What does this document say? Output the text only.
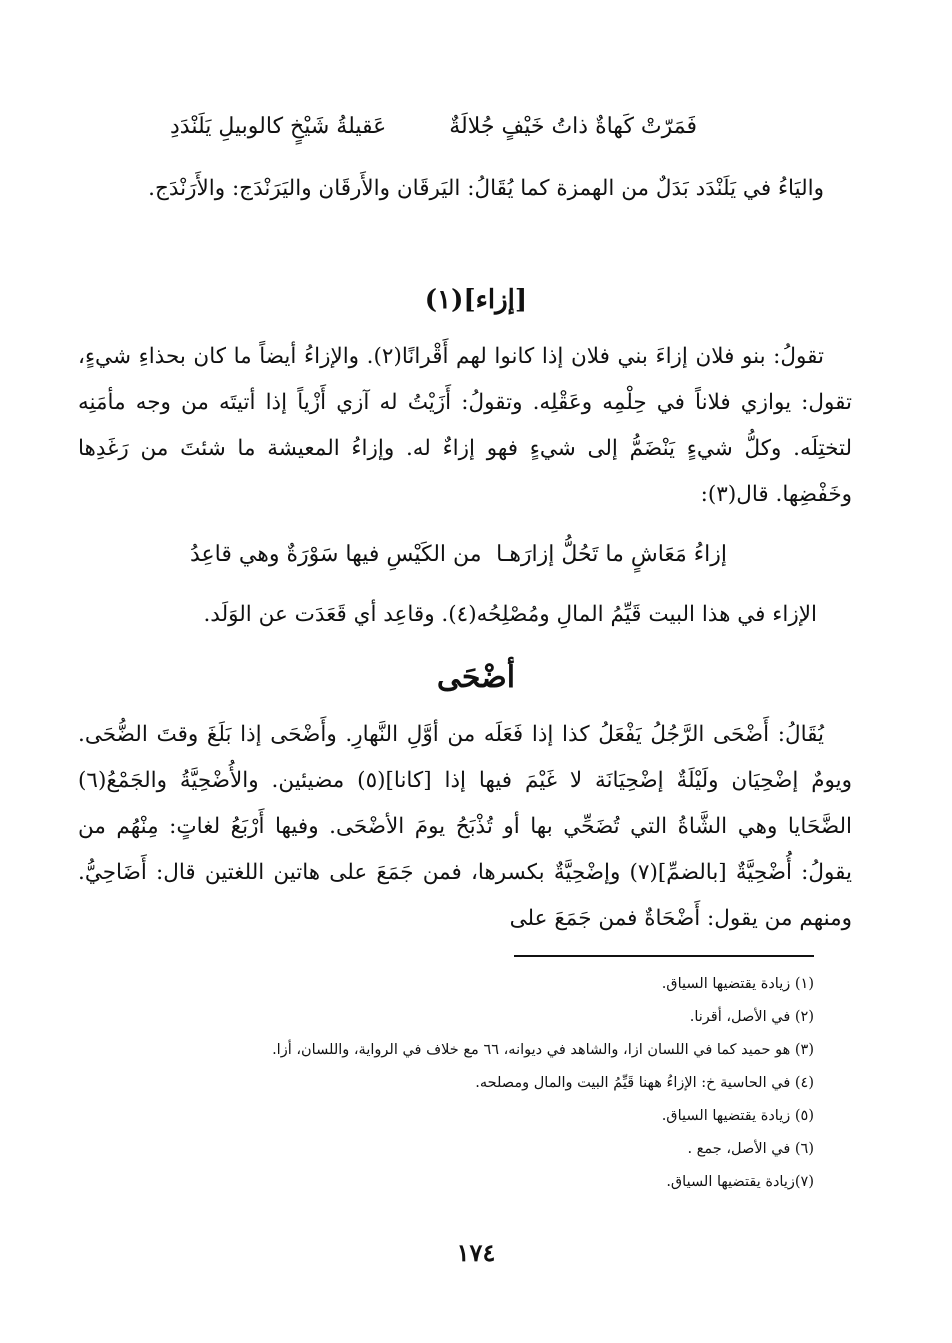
فَمَرّتْ كَهاةٌ ذاتُ خَيْفٍ جُلالَةٌ
عَقيلةُ شَيْخٍ كالوبيلِ يَلَنْدَدِ

واليَاءُ في يَلَنْدَد بَدَلٌ من الهمزة كما يُقَالُ: اليَرقَان والأَرقَان واليَرَنْدَج: والأَرَنْدَج.

[إزاء](١)

تقولُ: بنو فلان إزاءَ بني فلان إذا كانوا لهم أَقْرانًا(٢). والإزاءُ أيضاً ما كان بحذاءِ شيءٍ، تقول: يوازي فلاناً في حِلْمِه وعَقْلِه. وتقولُ: أَزَيْتُ له آزي أَزْياً إذا أتيتَه من وجه مأمَنِه لتختِلَه. وكلُّ شيءٍ يَنْضَمُّ إلى شيءٍ فهو إزاءٌ له. وإزاءُ المعيشة ما شئتَ من رَغَدِها وخَفْضِها. قال(٣):

إزاءُ مَعَاشٍ ما تَحُلُّ إزارَهـا
من الكَيْسِ فيها سَوْرَةٌ وهي قاعِدُ

الإزاء في هذا البيت قَيِّمُ المالِ ومُصْلِحُه(٤). وقاعِد أي قَعَدَت عن الوَلَد.

أضْحَى

يُقَالُ: أَضْحَى الرَّجُلُ يَفْعَلُ كذا إذا فَعَلَه من أوَّلِ النَّهارِ. وأَضْحَى إذا بَلَغَ وقتَ الضُّحَى. ويومٌ إضْحِيَان ولَيْلَةٌ إضْحِيَانَة لا غَيْمَ فيها إذا [كانا](٥) مضيئين. والأُضْحِيَّةُ والجَمْعُ(٦) الضَّحَايا وهي الشَّاةُ التي تُضَحِّي بها أو تُذْبَحُ يومَ الأضْحَى. وفيها أَرْبَعُ لغاتٍ: مِنْهُم من يقولُ: أُضْحِيَّةٌ [بالضمِّ](٧) وإضْحِيَّةٌ بكسرها، فمن جَمَعَ على هاتين اللغتين قال: أَضَاحِيُّ. ومنهم من يقول: أَضْحَاةٌ فمن جَمَعَ على

(١) زيادة يقتضيها السياق.
(٢) في الأصل، أقرنا.
(٣) هو حميد كما في اللسان ازا، والشاهد في ديوانه، ٦٦ مع خلاف في الرواية، واللسان، أزا.
(٤) في الحاسية خ: الإزاءُ ههنا قَيِّمُ البيت والمال ومصلحه.
(٥) زيادة يقتضيها السياق.
(٦) في الأصل، جمع .
(٧)زيادة يقتضيها السياق.
١٧٤
